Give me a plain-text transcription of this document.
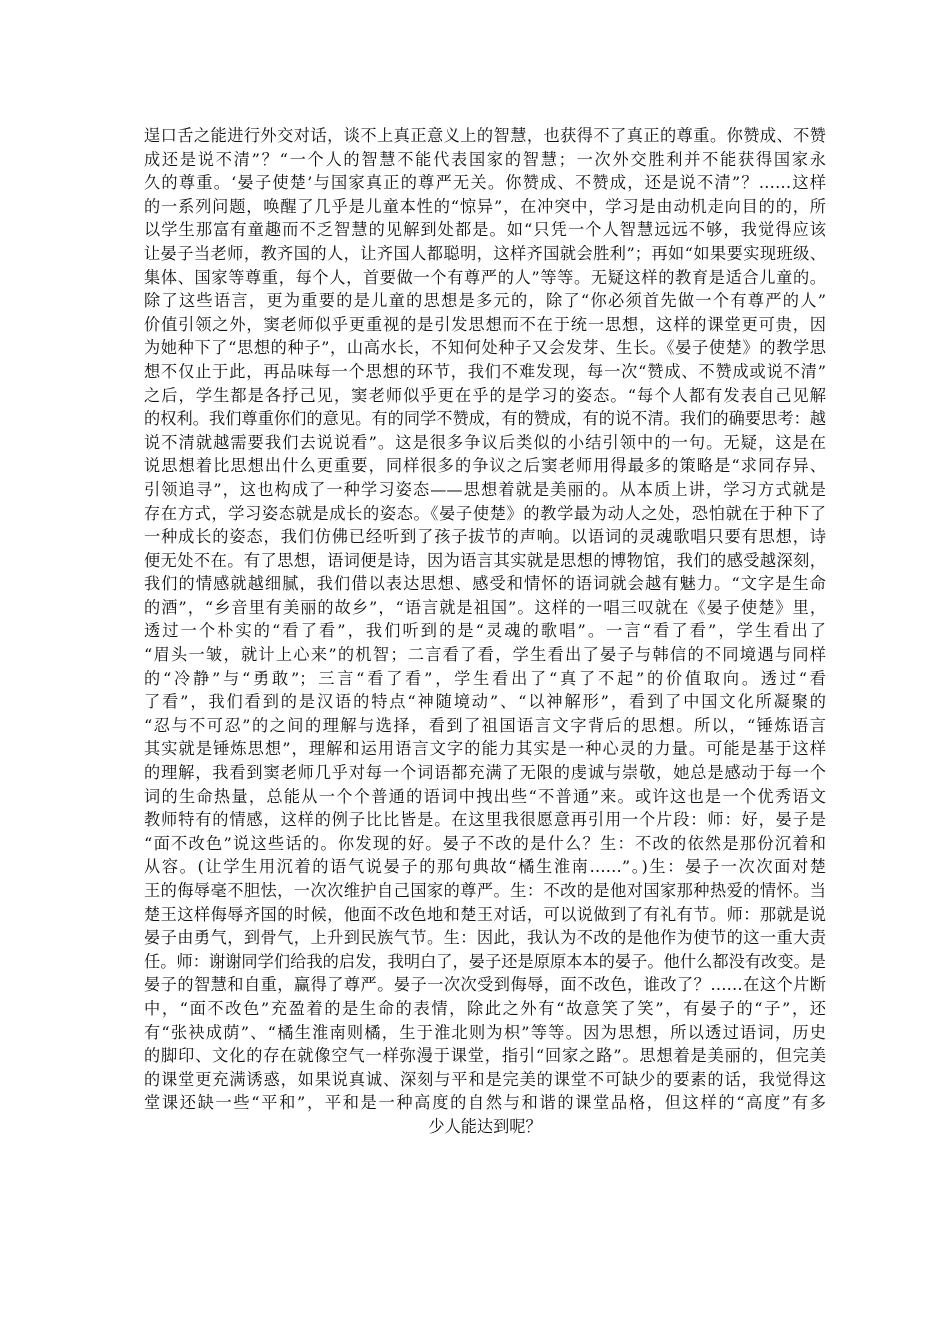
逞口舌之能进行外交对话，谈不上真正意义上的智慧，也获得不了真正的尊重。你赞成、不赞
成还是说不清”？“一个人的智慧不能代表国家的智慧；一次外交胜利并不能获得国家永
久的尊重。‘晏子使楚’与国家真正的尊严无关。你赞成、不赞成，还是说不清”？……这样
的一系列问题，唤醒了几乎是儿童本性的“惊异”，在冲突中，学习是由动机走向目的的，所
以学生那富有童趣而不乏智慧的见解到处都是。如“只凭一个人智慧远远不够，我觉得应该
让晏子当老师，教齐国的人，让齐国人都聪明，这样齐国就会胜利”；再如“如果要实现班级、
集体、国家等尊重，每个人，首要做一个有尊严的人”等等。无疑这样的教育是适合儿童的。
除了这些语言，更为重要的是儿童的思想是多元的，除了“你必须首先做一个有尊严的人”
价值引领之外，窦老师似乎更重视的是引发思想而不在于统一思想，这样的课堂更可贵，因
为她种下了“思想的种子”，山高水长，不知何处种子又会发芽、生长。《晏子使楚》的教学思
想不仅止于此，再品味每一个思想的环节，我们不难发现，每一次“赞成、不赞成或说不清”
之后，学生都是各抒己见，窦老师似乎更在乎的是学习的姿态。“每个人都有发表自己见解
的权利。我们尊重你们的意见。有的同学不赞成，有的赞成，有的说不清。我们的确要思考：越
说不清就越需要我们去说说看”。这是很多争议后类似的小结引领中的一句。无疑，这是在
说思想着比思想出什么更重要，同样很多的争议之后窦老师用得最多的策略是“求同存异、
引领追寻”，这也构成了一种学习姿态——思想着就是美丽的。从本质上讲，学习方式就是
存在方式，学习姿态就是成长的姿态。《晏子使楚》的教学最为动人之处，恐怕就在于种下了
一种成长的姿态，我们仿佛已经听到了孩子拔节的声响。以语词的灵魂歌唱只要有思想，诗
便无处不在。有了思想，语词便是诗，因为语言其实就是思想的博物馆，我们的感受越深刻，
我们的情感就越细腻，我们借以表达思想、感受和情怀的语词就会越有魅力。“文字是生命
的酒”，“乡音里有美丽的故乡”，“语言就是祖国”。这样的一唱三叹就在《晏子使楚》里，
透过一个朴实的“看了看”，我们听到的是“灵魂的歌唱”。一言“看了看”，学生看出了
“眉头一皱，就计上心来”的机智；二言看了看，学生看出了晏子与韩信的不同境遇与同样
的“冷静”与“勇敢”；三言“看了看”，学生看出了“真了不起”的价值取向。透过“看
了看”，我们看到的是汉语的特点“神随境动”、“以神解形”，看到了中国文化所凝聚的
“忍与不可忍”的之间的理解与选择，看到了祖国语言文字背后的思想。所以，“锤炼语言
其实就是锤炼思想”，理解和运用语言文字的能力其实是一种心灵的力量。可能是基于这样
的理解，我看到窦老师几乎对每一个词语都充满了无限的虔诚与崇敬，她总是感动于每一个
词的生命热量，总能从一个个普通的语词中拽出些“不普通”来。或许这也是一个优秀语文
教师特有的情感，这样的例子比比皆是。在这里我很愿意再引用一个片段：师：好，晏子是
“面不改色”说这些话的。你发现的好。晏子不改的是什么？生：不改的依然是那份沉着和
从容。(让学生用沉着的语气说晏子的那句典故“橘生淮南……”。)生：晏子一次次面对楚
王的侮辱毫不胆怯，一次次维护自己国家的尊严。生：不改的是他对国家那种热爱的情怀。当
楚王这样侮辱齐国的时候，他面不改色地和楚王对话，可以说做到了有礼有节。师：那就是说
晏子由勇气，到骨气，上升到民族气节。生：因此，我认为不改的是他作为使节的这一重大责
任。师：谢谢同学们给我的启发，我明白了，晏子还是原原本本的晏子。他什么都没有改变。是
晏子的智慧和自重，赢得了尊严。晏子一次次受到侮辱，面不改色，谁改了？……在这个片断
中，“面不改色”充盈着的是生命的表情，除此之外有“故意笑了笑”，有晏子的“子”，还
有“张袂成荫”、“橘生淮南则橘，生于淮北则为枳”等等。因为思想，所以透过语词，历史
的脚印、文化的存在就像空气一样弥漫于课堂，指引“回家之路”。思想着是美丽的，但完美
的课堂更充满诱惑，如果说真诚、深刻与平和是完美的课堂不可缺少的要素的话，我觉得这
堂课还缺一些“平和”，平和是一种高度的自然与和谐的课堂品格，但这样的“高度”有多
少人能达到呢？
